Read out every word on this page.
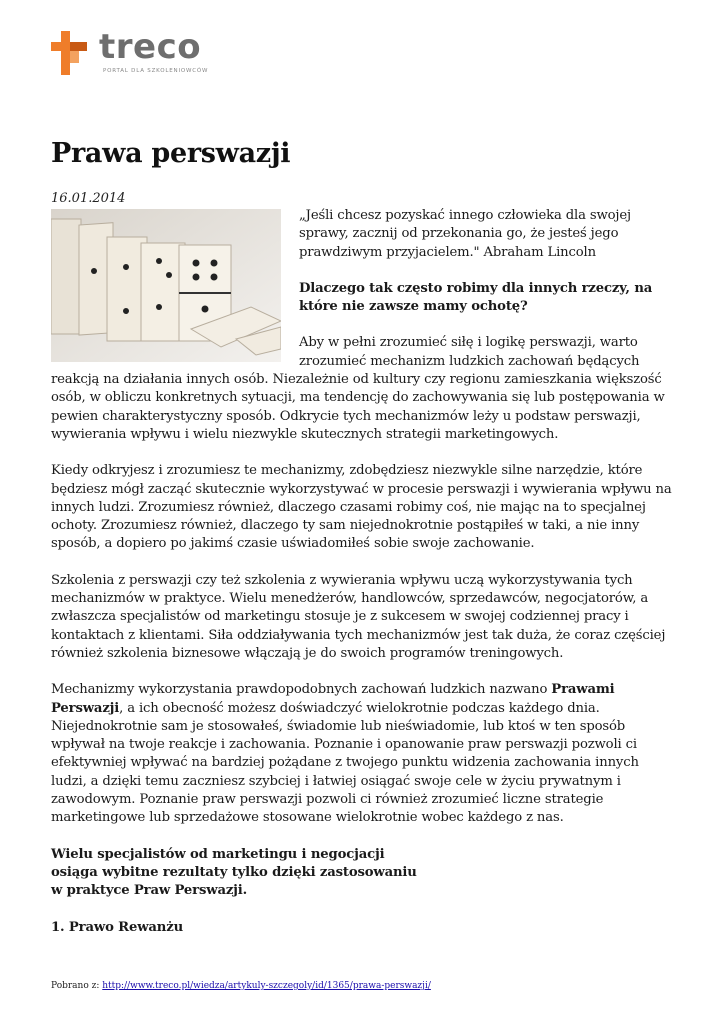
treco
PORTAL DLA SZKOLENIOWCÓW
Prawa perswazji
16.01.2014

„Jeśli chcesz pozyskać innego człowieka dla swojej sprawy, zacznij od przekonania go, że jesteś jego prawdziwym przyjacielem." Abraham Lincoln

Dlaczego tak często robimy dla innych rzeczy, na które nie zawsze mamy ochotę?

Aby w pełni zrozumieć siłę i logikę perswazji, warto zrozumieć mechanizm ludzkich zachowań będących reakcją na działania innych osób. Niezależnie od kultury czy regionu zamieszkania większość osób, w obliczu konkretnych sytuacji, ma tendencję do zachowywania się lub postępowania w pewien charakterystyczny sposób. Odkrycie tych mechanizmów leży u podstaw perswazji, wywierania wpływu i wielu niezwykle skutecznych strategii marketingowych.

Kiedy odkryjesz i zrozumiesz te mechanizmy, zdobędziesz niezwykle silne narzędzie, które będziesz mógł zacząć skutecznie wykorzystywać w procesie perswazji i wywierania wpływu na innych ludzi. Zrozumiesz również, dlaczego czasami robimy coś, nie mając na to specjalnej ochoty. Zrozumiesz również, dlaczego ty sam niejednokrotnie postąpiłeś w taki, a nie inny sposób, a dopiero po jakimś czasie uświadomiłeś sobie swoje zachowanie.

Szkolenia z perswazji czy też szkolenia z wywierania wpływu uczą wykorzystywania tych mechanizmów w praktyce. Wielu menedżerów, handlowców, sprzedawców, negocjatorów, a zwłaszcza specjalistów od marketingu stosuje je z sukcesem w swojej codziennej pracy i kontaktach z klientami. Siła oddziaływania tych mechanizmów jest tak duża, że coraz częściej również szkolenia biznesowe włączają je do swoich programów treningowych.

Mechanizmy wykorzystania prawdopodobnych zachowań ludzkich nazwano Prawami Perswazji, a ich obecność możesz doświadczyć wielokrotnie podczas każdego dnia. Niejednokrotnie sam je stosowałeś, świadomie lub nieświadomie, lub ktoś w ten sposób wpływał na twoje reakcje i zachowania. Poznanie i opanowanie praw perswazji pozwoli ci efektywniej wpływać na bardziej pożądane z twojego punktu widzenia zachowania innych ludzi, a dzięki temu zaczniesz szybciej i łatwiej osiągać swoje cele w życiu prywatnym i zawodowym. Poznanie praw perswazji pozwoli ci również zrozumieć liczne strategie marketingowe lub sprzedażowe stosowane wielokrotnie wobec każdego z nas.

Wielu specjalistów od marketingu i negocjacji
osiąga wybitne rezultaty tylko dzięki zastosowaniu
w praktyce Praw Perswazji.

1. Prawo Rewanżu

Pobrano z: http://www.treco.pl/wiedza/artykuly-szczegoly/id/1365/prawa-perswazji/
